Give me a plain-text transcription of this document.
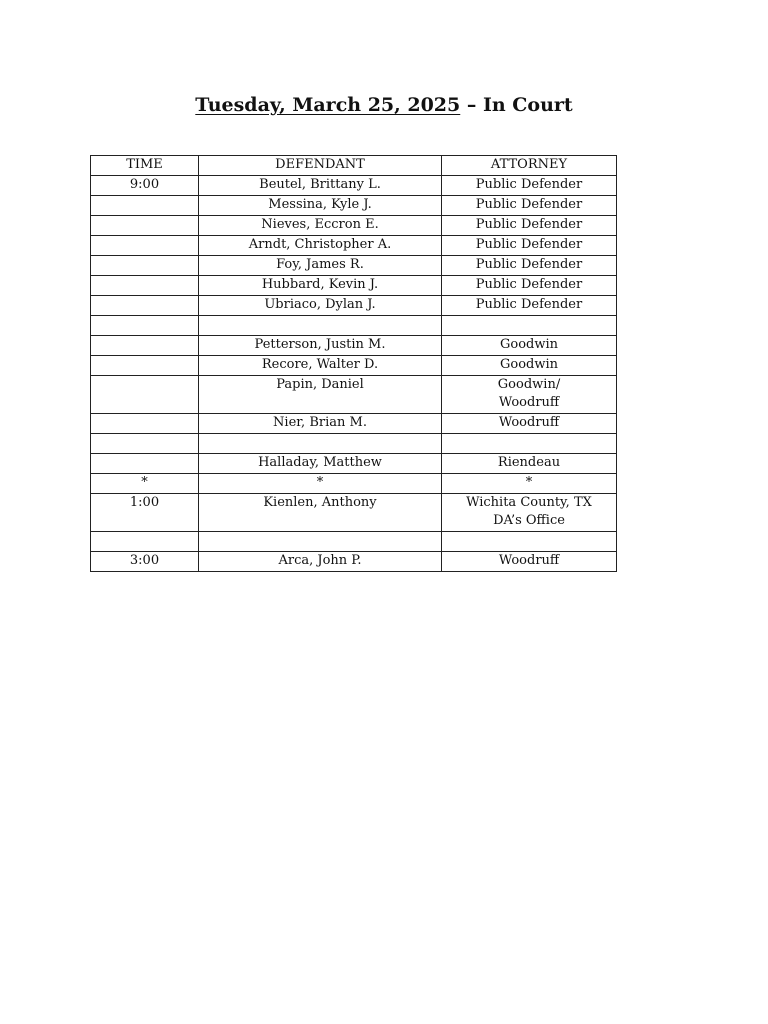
Tuesday, March 25, 2025 – In Court
TIME	DEFENDANT	ATTORNEY
9:00	Beutel, Brittany L.	Public Defender
	Messina, Kyle J.	Public Defender
	Nieves, Eccron E.	Public Defender
	Arndt, Christopher A.	Public Defender
	Foy, James R.	Public Defender
	Hubbard, Kevin J.	Public Defender
	Ubriaco, Dylan J.	Public Defender

	Petterson, Justin M.	Goodwin
	Recore, Walter D.	Goodwin
	Papin, Daniel	Goodwin/
Woodruff
	Nier, Brian M.	Woodruff

	Halladay, Matthew	Riendeau
*	*	*
1:00	Kienlen, Anthony	Wichita County, TX
DA’s Office

3:00	Arca, John P.	Woodruff
